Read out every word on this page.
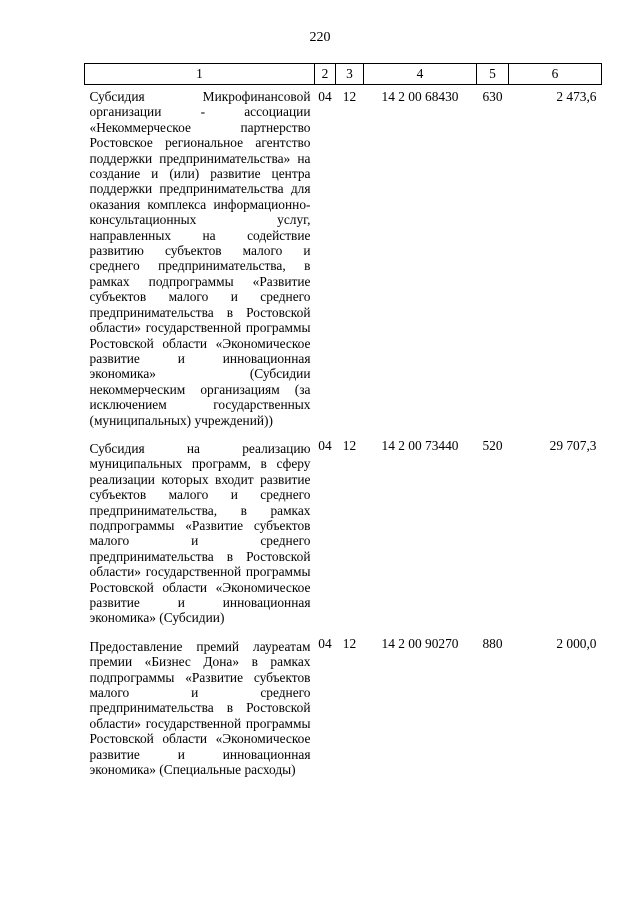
220
1	2	3	4	5	6
Субсидия Микрофинансовой организации - ассоциации «Некоммерческое партнерство Ростовское региональное агентство поддержки предпринимательства» на создание и (или) развитие центра поддержки предпринимательства для оказания комплекса информационно-консультационных услуг, направленных на содействие развитию субъектов малого и среднего предпринимательства, в рамках подпрограммы «Развитие субъектов малого и среднего предпринимательства в Ростовской области» государственной программы Ростовской области «Экономическое развитие и инновационная экономика» (Субсидии некоммерческим организациям (за исключением государственных (муниципальных) учреждений))	04	12	14 2 00 68430	630	2 473,6
Субсидия на реализацию муниципальных программ, в сферу реализации которых входит развитие субъектов малого и среднего предпринимательства, в рамках подпрограммы «Развитие субъектов малого и среднего предпринимательства в Ростовской области» государственной программы Ростовской области «Экономическое развитие и инновационная экономика» (Субсидии)	04	12	14 2 00 73440	520	29 707,3
Предоставление премий лауреатам премии «Бизнес Дона» в рамках подпрограммы «Развитие субъектов малого и среднего предпринимательства в Ростовской области» государственной программы Ростовской области «Экономическое развитие и инновационная экономика» (Специальные расходы)	04	12	14 2 00 90270	880	2 000,0
